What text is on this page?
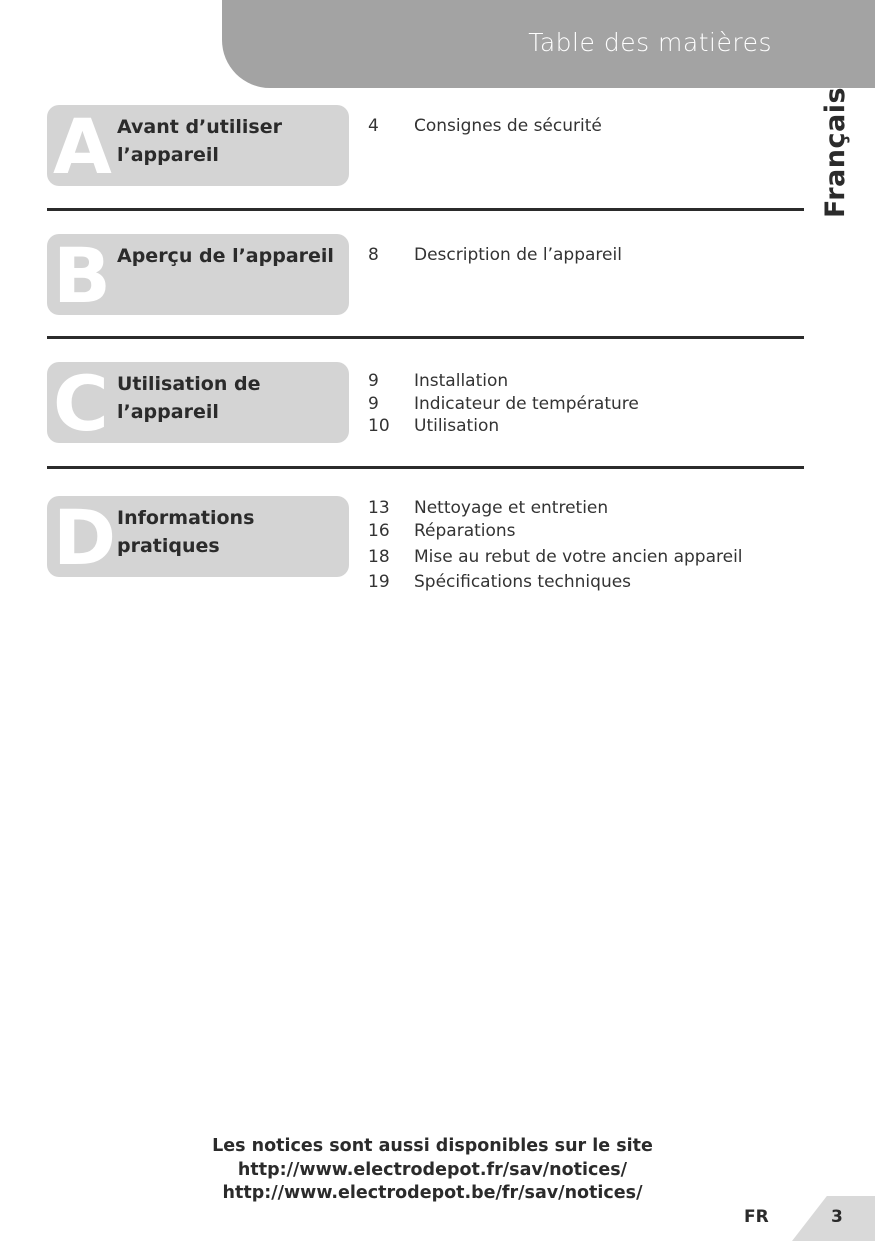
Table des matières
Français
A Avant d’utiliser l’appareil
4	Consignes de sécurité
B Aperçu de l’appareil	8	Description de l’appareil
C Utilisation de l’appareil
9	Installation
9	Indicateur de température
10	Utilisation
D Informations pratiques
13	Nettoyage et entretien
16	Réparations
18	Mise au rebut de votre ancien appareil
19	Spécifications techniques
Les notices sont aussi disponibles sur le site
http://www.electrodepot.fr/sav/notices/
http://www.electrodepot.be/fr/sav/notices/
FR	3
